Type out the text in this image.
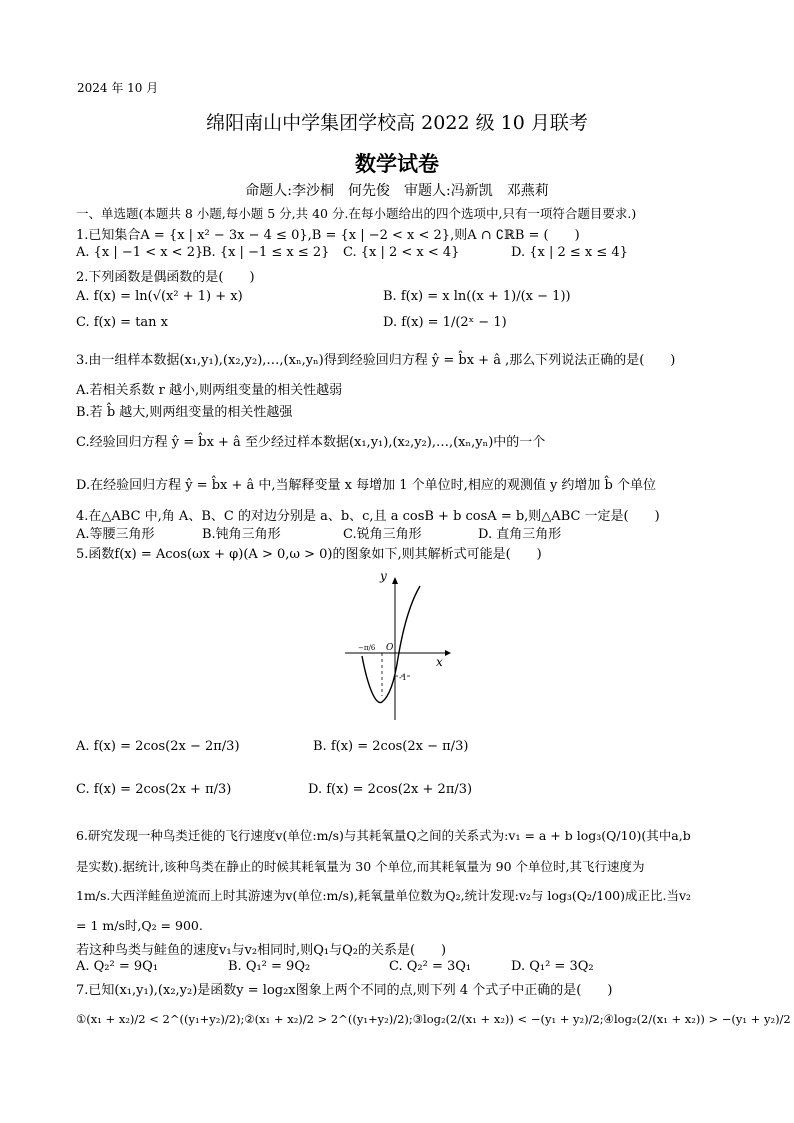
2024 年 10 月
绵阳南山中学集团学校高 2022 级 10 月联考
数学试卷
命题人:李沙桐　何先俊　审题人:冯新凯　邓燕莉
一、单选题(本题共 8 小题,每小题 5 分,共 40 分.在每小题给出的四个选项中,只有一项符合题目要求.)
1.已知集合A = {x | x² − 3x − 4 ≤ 0},B = {x | −2 < x < 2},则A ∩ ∁ℝB = (　　)
A. {x | −1 < x < 2}
B. {x | −1 ≤ x ≤ 2} C. {x | 2 < x < 4}	D. {x | 2 ≤ x ≤ 4}
2.下列函数是偶函数的是(　　)
A. f(x) = ln(√(x² + 1) + x)	B. f(x) = x ln((x + 1)/(x − 1))
C. f(x) = tan x	D. f(x) = 1/(2ˣ − 1)
3.由一组样本数据(x₁,y₁),(x₂,y₂),…,(xₙ,yₙ)得到经验回归方程 ŷ = b̂x + â ,那么下列说法正确的是(　　)
A.若相关系数 r 越小,则两组变量的相关性越弱
B.若 b̂ 越大,则两组变量的相关性越强
C.经验回归方程 ŷ = b̂x + â 至少经过样本数据(x₁,y₁),(x₂,y₂),…,(xₙ,yₙ)中的一个
D.在经验回归方程 ŷ = b̂x + â 中,当解释变量 x 每增加 1 个单位时,相应的观测值 y 约增加 b̂ 个单位
4.在△ABC 中,角 A、B、C 的对边分别是 a、b、c,且 a cosB + b cosA = b,则△ABC 一定是(　　)
A.等腰三角形	B.钝角三角形	C.锐角三角形	D. 直角三角形
5.函数f(x) = Acos(ωx + φ)(A > 0,ω > 0)的图象如下,则其解析式可能是(　　)
y
x
O
−π/6
-1
A. f(x) = 2cos(2x − 2π/3)	B. f(x) = 2cos(2x − π/3)
C. f(x) = 2cos(2x + π/3)	D. f(x) = 2cos(2x + 2π/3)
6.研究发现一种鸟类迁徙的飞行速度v(单位:m/s)与其耗氧量Q之间的关系式为:v₁ = a + b log₃(Q/10)(其中a,b
是实数).据统计,该种鸟类在静止的时候其耗氧量为 30 个单位,而其耗氧量为 90 个单位时,其飞行速度为
1m/s.大西洋鲑鱼逆流而上时其游速为v(单位:m/s),耗氧量单位数为Q₂,统计发现:v₂与 log₃(Q₂/100)成正比.当v₂
= 1 m/s时,Q₂ = 900.
若这种鸟类与鲑鱼的速度v₁与v₂相同时,则Q₁与Q₂的关系是(　　)
A. Q₂² = 9Q₁	B. Q₁² = 9Q₂	C. Q₂² = 3Q₁	D. Q₁² = 3Q₂
7.已知(x₁,y₁),(x₂,y₂)是函数y = log₂x图象上两个不同的点,则下列 4 个式子中正确的是(　　)
①(x₁ + x₂)/2 < 2^((y₁+y₂)/2);②(x₁ + x₂)/2 > 2^((y₁+y₂)/2);③log₂(2/(x₁ + x₂)) < −(y₁ + y₂)/2;④log₂(2/(x₁ + x₂)) > −(y₁ + y₂)/2
